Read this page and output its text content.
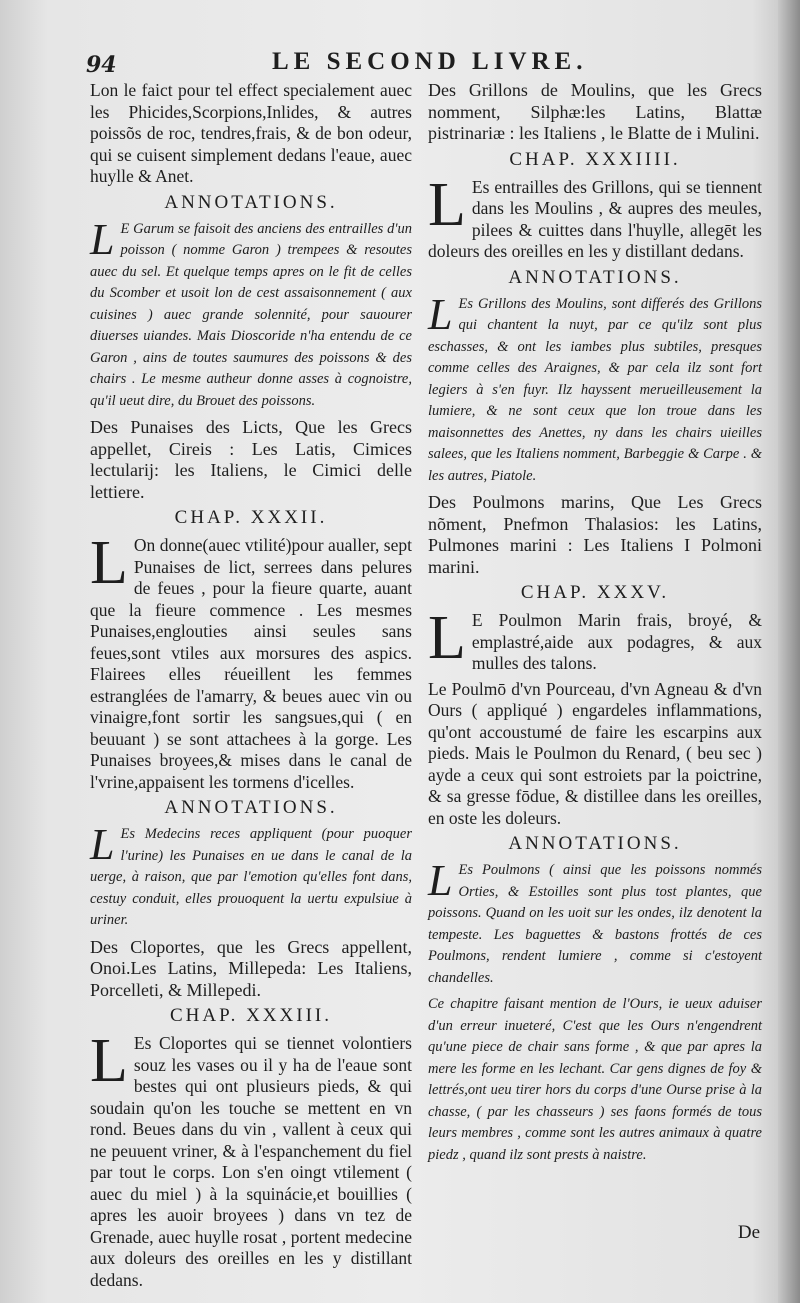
94	LE SECOND LIVRE.

Lon le faict pour tel effect specialement auec les Phicides,Scorpions,Inlides, & autres poissõs de roc, tendres,frais, & de bon odeur, qui se cuisent simplement dedans l'eaue, auec huylle & Anet.

ANNOTATIONS.

L E Garum se faisoit des anciens des entrailles d'un poisson ( nomme Garon ) trempees & resoutes auec du sel. Et quelque temps apres on le fit de celles du Scomber et usoit lon de cest assaisonnement ( aux cuisines ) auec grande solennité, pour sauourer diuerses uiandes. Mais Dioscoride n'ha entendu de ce Garon , ains de toutes saumures des poissons & des chairs . Le mesme autheur donne asses à cognoistre, qu'il ueut dire, du Brouet des poissons.

Des Punaises des Licts, Que les Grecs appellet, Cireis : Les Latis, Cimices lectularij: les Italiens, le Cimici delle lettiere.

CHAP. XXXII.

L On donne(auec vtilité)pour aualler, sept Punaises de lict, serrees dans pelures de feues , pour la fieure quarte, auant que la fieure commence . Les mesmes Punaises,englouties ainsi seules sans feues,sont vtiles aux morsures des aspics. Flairees elles réueillent les femmes estranglées de l'amarry, & beues auec vin ou vinaigre,font sortir les sangsues,qui ( en beuuant ) se sont attachees à la gorge. Les Punaises broyees,& mises dans le canal de l'vrine,appaisent les tormens d'icelles.

ANNOTATIONS.

L Es Medecins reces appliquent (pour puoquer l'urine) les Punaises en ue dans le canal de la uerge, à raison, que par l'emotion qu'elles font dans, cestuy conduit, elles prouoquent la uertu expulsiue à uriner.

Des Cloportes, que les Grecs appellent, Onoi.Les Latins, Millepeda: Les Italiens, Porcelleti, & Millepedi.

CHAP. XXXIII.

L Es Cloportes qui se tiennet volontiers souz les vases ou il y ha de l'eaue sont bestes qui ont plusieurs pieds, & qui soudain qu'on les touche se mettent en vn rond. Beues dans du vin , vallent à ceux qui ne peuuent vriner, & à l'espanchement du fiel par tout le corps. Lon s'en oingt vtilement ( auec du miel ) à la squinácie,et bouillies ( apres les auoir broyees ) dans vn tez de Grenade, auec huylle rosat , portent medecine aux doleurs des oreilles en les y distillant dedans.

Des Grillons de Moulins, que les Grecs nomment, Silphæ:les Latins, Blattæ pistrinariæ : les Italiens , le Blatte de i Mulini.

CHAP. XXXIIII.

L Es entrailles des Grillons, qui se tiennent dans les Moulins , & aupres des meules, pilees & cuittes dans l'huylle, allegēt les doleurs des oreilles en les y distillant dedans.

ANNOTATIONS.

L Es Grillons des Moulins, sont differés des Grillons qui chantent la nuyt, par ce qu'ilz sont plus eschasses, & ont les iambes plus subtiles, presques comme celles des Araignes, & par cela ilz sont fort legiers à s'en fuyr. Ilz hayssent merueilleusement la lumiere, & ne sont ceux que lon troue dans les maisonnettes des Anettes, ny dans les chairs uieilles salees, que les Italiens nomment, Barbeggie & Carpe . & les autres, Piatole.

Des Poulmons marins, Que Les Grecs nõment, Pnefmon Thalasios: les Latins, Pulmones marini : Les Italiens I Polmoni marini.

CHAP. XXXV.

L E Poulmon Marin frais, broyé, & emplastré,aide aux podagres, & aux mulles des talons.

Le Poulmō d'vn Pourceau, d'vn Agneau & d'vn Ours ( appliqué ) engardeles inflammations, qu'ont accoustumé de faire les escarpins aux pieds. Mais le Poulmon du Renard, ( beu sec ) ayde a ceux qui sont estroiets par la poictrine, & sa gresse fōdue, & distillee dans les oreilles, en oste les doleurs.

ANNOTATIONS.

L Es Poulmons ( ainsi que les poissons nommés Orties, & Estoilles sont plus tost plantes, que poissons. Quand on les uoit sur les ondes, ilz denotent la tempeste. Les baguettes & bastons frottés de ces Poulmons, rendent lumiere , comme si c'estoyent chandelles.

Ce chapitre faisant mention de l'Ours, ie ueux aduiser d'un erreur inueteré, C'est que les Ours n'engendrent qu'une piece de chair sans forme , & que par apres la mere les forme en les lechant. Car gens dignes de foy & lettrés,ont ueu tirer hors du corps d'une Ourse prise à la chasse, ( par les chasseurs ) ses faons formés de tous leurs membres , comme sont les autres animaux à quatre piedz , quand ilz sont prests à naistre.

De
